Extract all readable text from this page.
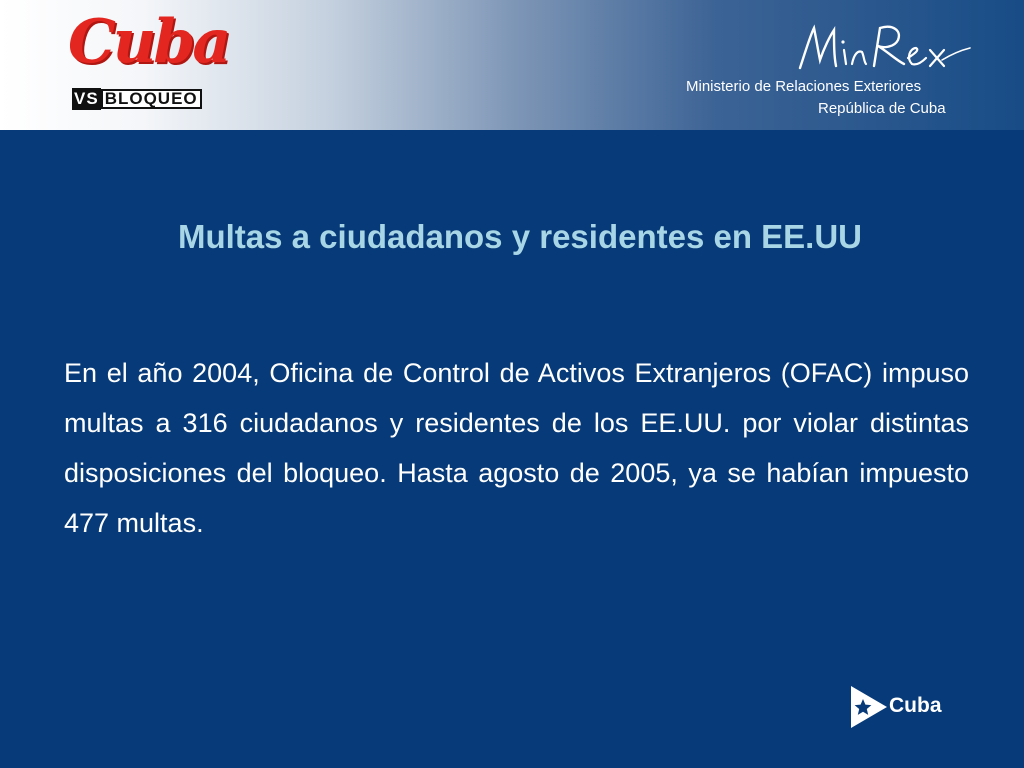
Cuba
VS BLOQUEO
Ministerio de Relaciones Exteriores
República de Cuba
Multas a ciudadanos y residentes en EE.UU

En el año 2004, Oficina de Control de Activos Extranjeros (OFAC) impuso multas a 316 ciudadanos y residentes de los EE.UU. por violar distintas disposiciones del bloqueo. Hasta agosto de 2005, ya se habían impuesto 477 multas.

Cuba
